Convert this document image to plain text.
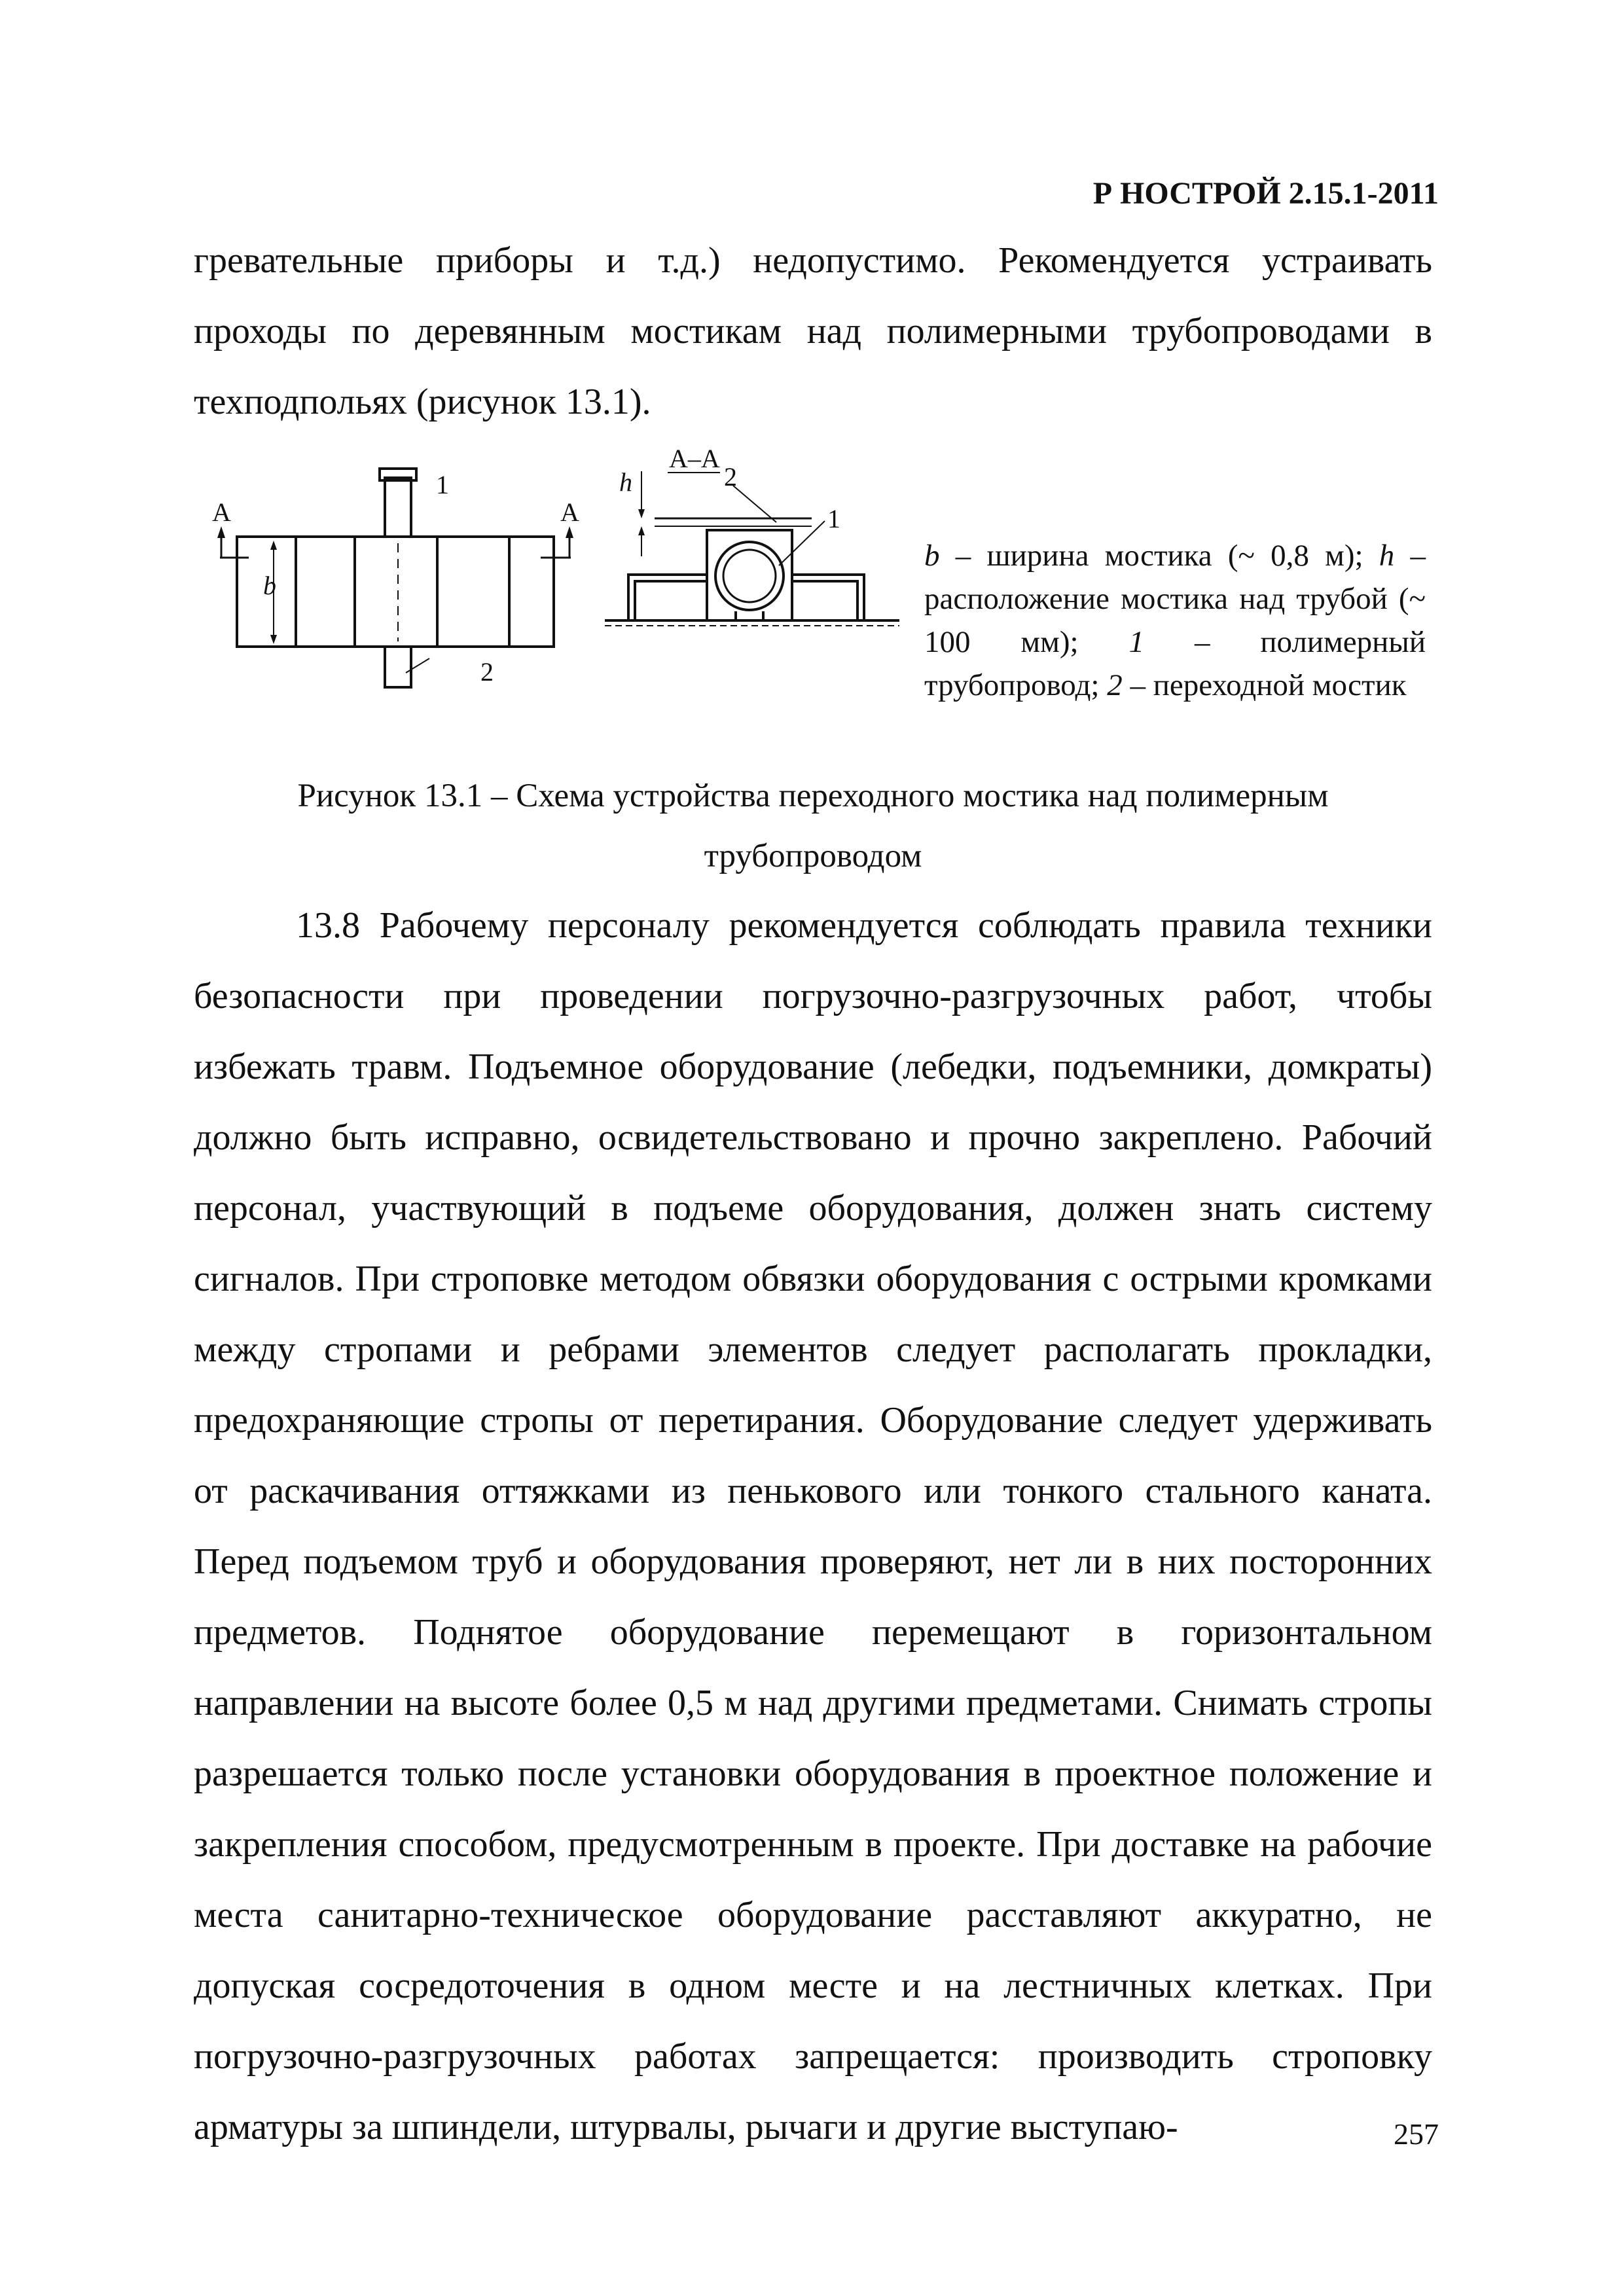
Р НОСТРОЙ 2.15.1-2011

гревательные приборы и т.д.) недопустимо. Рекомендуется устраивать проходы по деревянным мостикам над полимерными трубопроводами в техподпольях (рисунок 13.1).

А	А
b
1
2
А–А
h	2
1

b – ширина мостика (~ 0,8 м); h – расположение мостика над трубой (~ 100 мм); 1 – полимерный трубопровод; 2 – переходной мостик

Рисунок 13.1 – Схема устройства переходного мостика над полимерным
трубопроводом

13.8 Рабочему персоналу рекомендуется соблюдать правила техники безопасности при проведении погрузочно-разгрузочных работ, чтобы избежать травм. Подъемное оборудование (лебедки, подъемники, домкраты) должно быть исправно, освидетельствовано и прочно закреплено. Рабочий персонал, участвующий в подъеме оборудования, должен знать систему сигналов. При строповке методом обвязки оборудования с острыми кромками между стропами и ребрами элементов следует располагать прокладки, предохраняющие стропы от перетирания. Оборудование следует удерживать от раскачивания оттяжками из пенькового или тонкого стального каната. Перед подъемом труб и оборудования проверяют, нет ли в них посторонних предметов. Поднятое оборудование перемещают в горизонтальном направлении на высоте более 0,5 м над другими предметами. Снимать стропы разрешается только после установки оборудования в проектное положение и закрепления способом, предусмотренным в проекте. При доставке на рабочие места санитарно-техническое оборудование расставляют аккуратно, не допуская сосредоточения в одном месте и на лестничных клетках. При погрузочно-разгрузочных работах запрещается: производить строповку арматуры за шпиндели, штурвалы, рычаги и другие выступаю-	257
